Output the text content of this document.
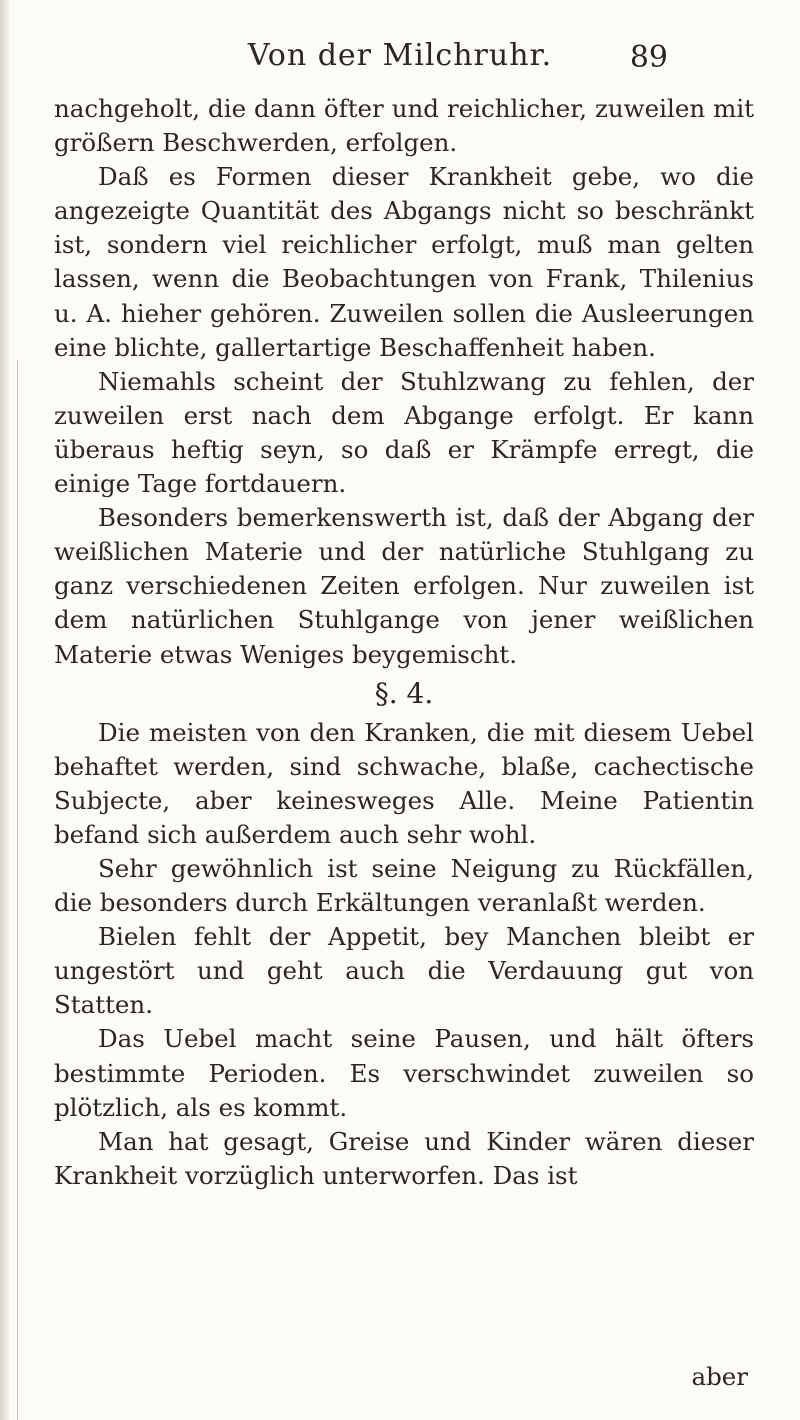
Von der Milchruhr.	89

nachgeholt, die dann öfter und reichlicher, zuweilen mit größern Beschwerden, erfolgen.

Daß es Formen dieser Krankheit gebe, wo die angezeigte Quantität des Abgangs nicht so beschränkt ist, sondern viel reichlicher erfolgt, muß man gelten lassen, wenn die Beobachtungen von Frank, Thilenius u. A. hieher gehören. Zuweilen sollen die Ausleerungen eine blichte, gallertartige Beschaffenheit haben.

Niemahls scheint der Stuhlzwang zu fehlen, der zuweilen erst nach dem Abgange erfolgt. Er kann überaus heftig seyn, so daß er Krämpfe erregt, die einige Tage fortdauern.

Besonders bemerkenswerth ist, daß der Abgang der weißlichen Materie und der natürliche Stuhlgang zu ganz verschiedenen Zeiten erfolgen. Nur zuweilen ist dem natürlichen Stuhlgange von jener weißlichen Materie etwas Weniges beygemischt.

§. 4.

Die meisten von den Kranken, die mit diesem Uebel behaftet werden, sind schwache, blaße, cachectische Subjecte, aber keinesweges Alle. Meine Patientin befand sich außerdem auch sehr wohl.

Sehr gewöhnlich ist seine Neigung zu Rückfällen, die besonders durch Erkältungen veranlaßt werden.

Bielen fehlt der Appetit, bey Manchen bleibt er ungestört und geht auch die Verdauung gut von Statten.

Das Uebel macht seine Pausen, und hält öfters bestimmte Perioden. Es verschwindet zuweilen so plötzlich, als es kommt.

Man hat gesagt, Greise und Kinder wären dieser Krankheit vorzüglich unterworfen. Das ist

aber
